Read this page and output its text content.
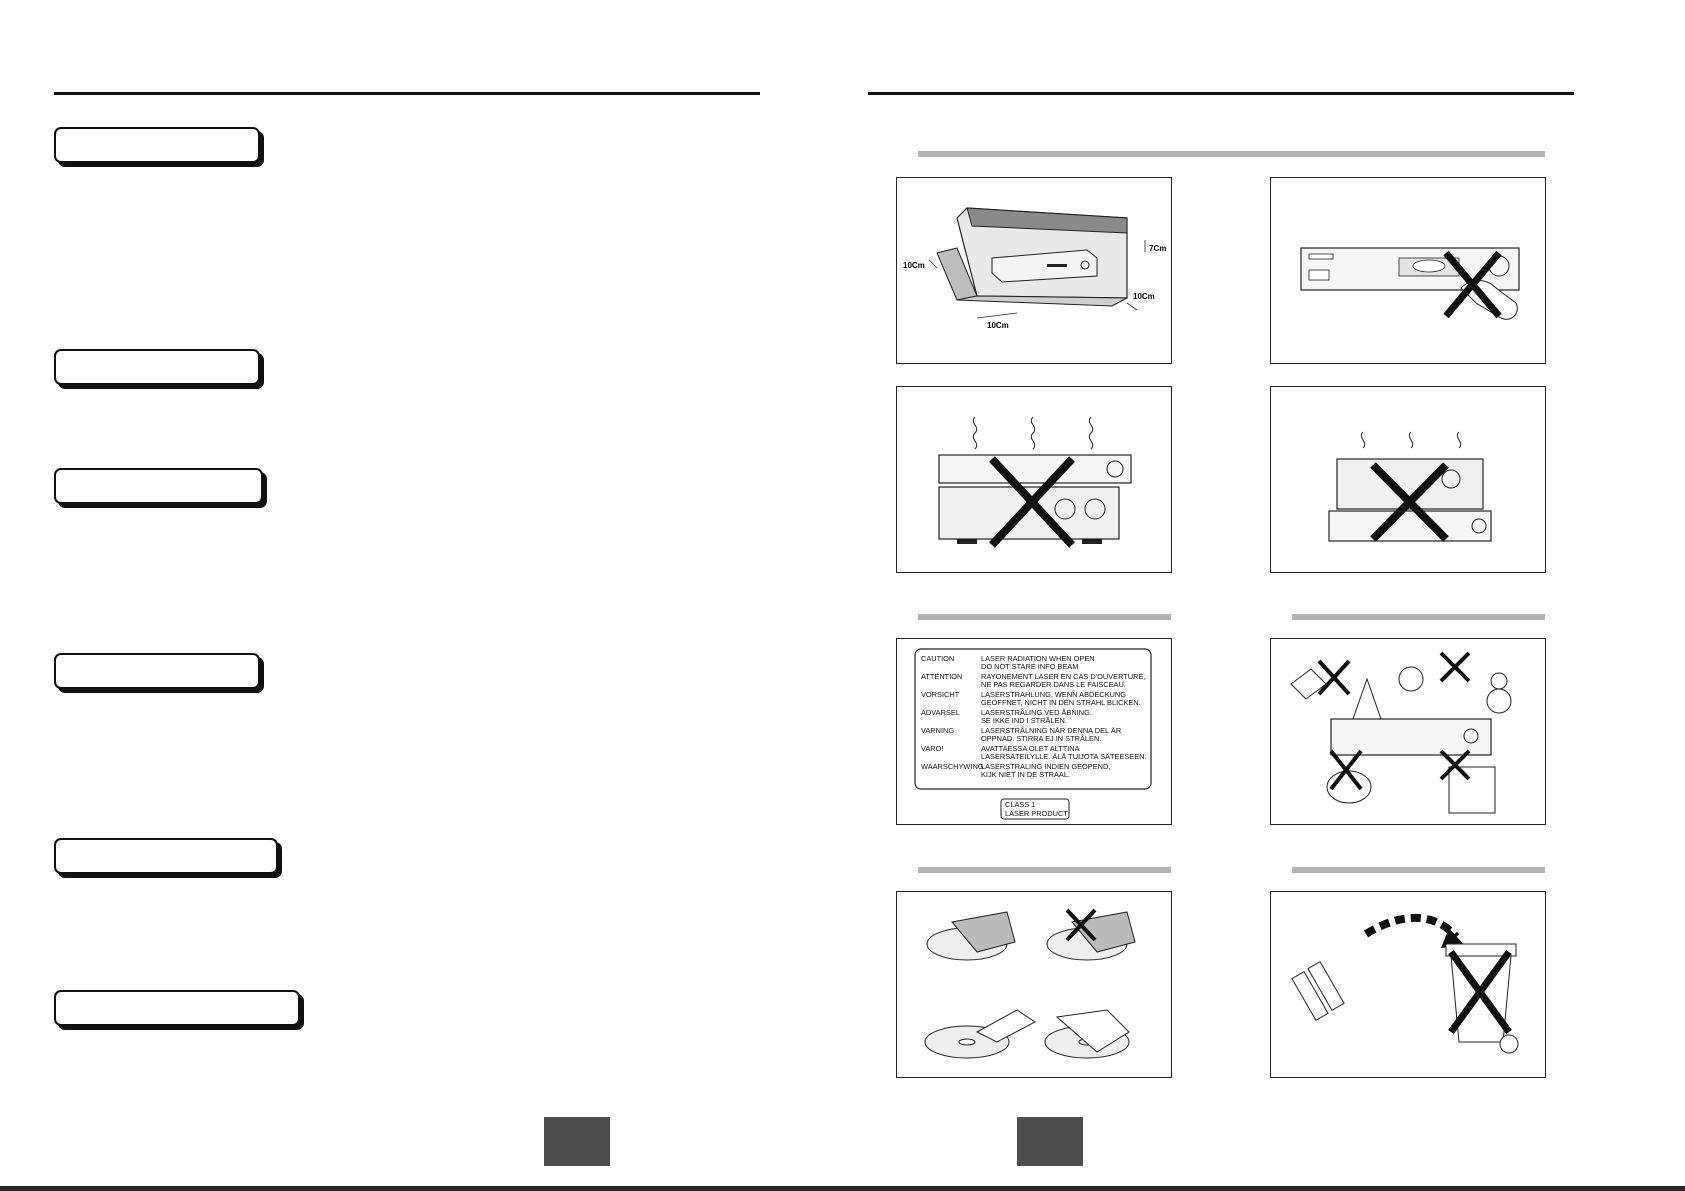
7Cm
10Cm
10Cm
10Cm
CAUTION	LASER RADIATION WHEN OPEN
DO NOT STARE INFO BEAM
ATTENTION	RAYONEMENT LASER EN CAS D'OUVERTURE,
NE PAS REGARDER DANS LE FAISCEAU.
VORSICHT	LASERSTRAHLUNG, WENN ABDECKUNG
GEÖFFNET, NICHT IN DEN STRAHL BLICKEN.
ADVARSEL	LASERSTRÅLING VED ÅBNING.
SE IKKE IND I STRÅLEN.
VARNING	LASERSTRÅLNING NÄR DENNA DEL ÄR
OPPNAD. STIRRA EJ IN STRÅLEN.
VARO!	AVATTAESSA OLET ALTTINA
LASERSÄTEILYLLE. ÄLÄ TUIJOTA SÄTEESEEN.
WAARSCHYWING
LASERSTRALING INDIEN GEOPEND,
KIJK NIET IN DE STRAAL.
CLASS 1
LASER PRODUCT
